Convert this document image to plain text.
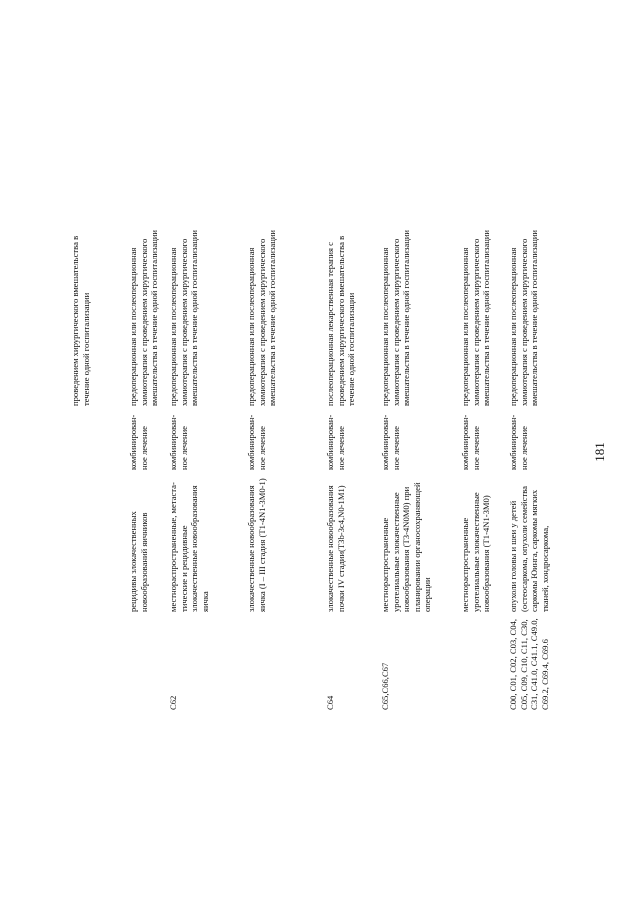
181
проведением хирургического вмешательства в течение одной госпитализации
рецидивы злокачественных новообразований яичников
комбинирован-ное лечение
предоперационная или послеоперационная химиотерапия с проведением хирургического вмешательства в течение одной госпитализации
C62
местнораспространенные, метаста-тические и рецидивные злокачественные новообразования яичка
комбинирован-ное лечение
предоперационная или послеоперационная химиотерапия с проведением хирургического вмешательства в течение одной госпитализации
злокачественные новообразования яичка (I – III стадия (T1-4N1-3M0-1)
комбинирован-ное лечение
предоперационная или послеоперационная химиотерапия с проведением хирургического вмешательства в течение одной госпитализации
C64
злокачественные новообразования почки IV стадии(T3b-3c4,N0-1M1)
комбинирован-ное лечение
послеоперационная лекарственная терапия с проведением хирургического вмешательства в течение одной госпитализации
C65,C66,C67
местнораспространенные уротелиальные злокачественные новообразования (T3-4N0M0) при планировании органосохраняющей операции
комбинирован-ное лечение
предоперационная или послеоперационная химиотерапия с проведением хирургического вмешательства в течение одной госпитализации
местнораспространенные уротелиальные злокачественные новообразования (T1-4N1-3M0)
комбинирован-ное лечение
предоперационная или послеоперационная химиотерапия с проведением хирургического вмешательства в течение одной госпитализации
C00, C01, C02, C03, C04, C05, C09, C10, C11, C30, C31, C41.0, C41.1, C49.0, C69.2, C69.4, C69.6
опухоли головы и шеи у детей (остеосаркома, опухоли семейства саркомы Юинга, саркомы мягких тканей, хондросаркома,
комбинирован-ное лечение
предоперационная или послеоперационная химиотерапия с проведением хирургического вмешательства в течение одной госпитализации
